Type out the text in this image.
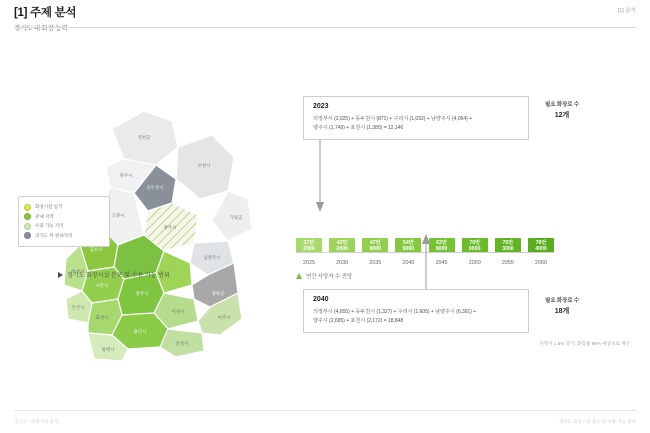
[1] 주제 분석
경기도 내 화장 능력
[1] 분석
연천군
포천시
가평군
동두천시
파주시
양주시
남양주시
고양시
김포시
양평군
부천시
시흥시
광주시
이천시
여주시
안산시
화성시
용인시
안성시
평택시
화장시설 입지
관내 지역
수용 가능 지역
경기도 外 관내지역
경기도 화장시설 분포 및 수용 가능 범위
37만
2000
42만
2000
47만
9000
54만
9000
63만
9000
70만
9000
75만
3000
76만
4000
2025	2030	2035	2040	2045	2050	2055	2060
연간 사망자 수 전망
사망자 1.5% 증가, 화장률 99% 예상치로 계산
2023
의정부시 (3,025) + 동두천시 (871) + 구리시 (1,032) + 남양주시 (4,064) +
양주시 (1,749) + 포천시 (1,385) = 12,146
2040
의정부시 (4,655) + 동두천시 (1,327) + 구리시 (1,605) + 남양주시 (6,391) +
양주시 (2,695) + 포천시 (2,172) = 18,848
필요 화장로 수
12개
필요 화장로 수
18개
경기도 · 화장시설 분석	경기도 화장시설 분포 및 수용 가능 범위
